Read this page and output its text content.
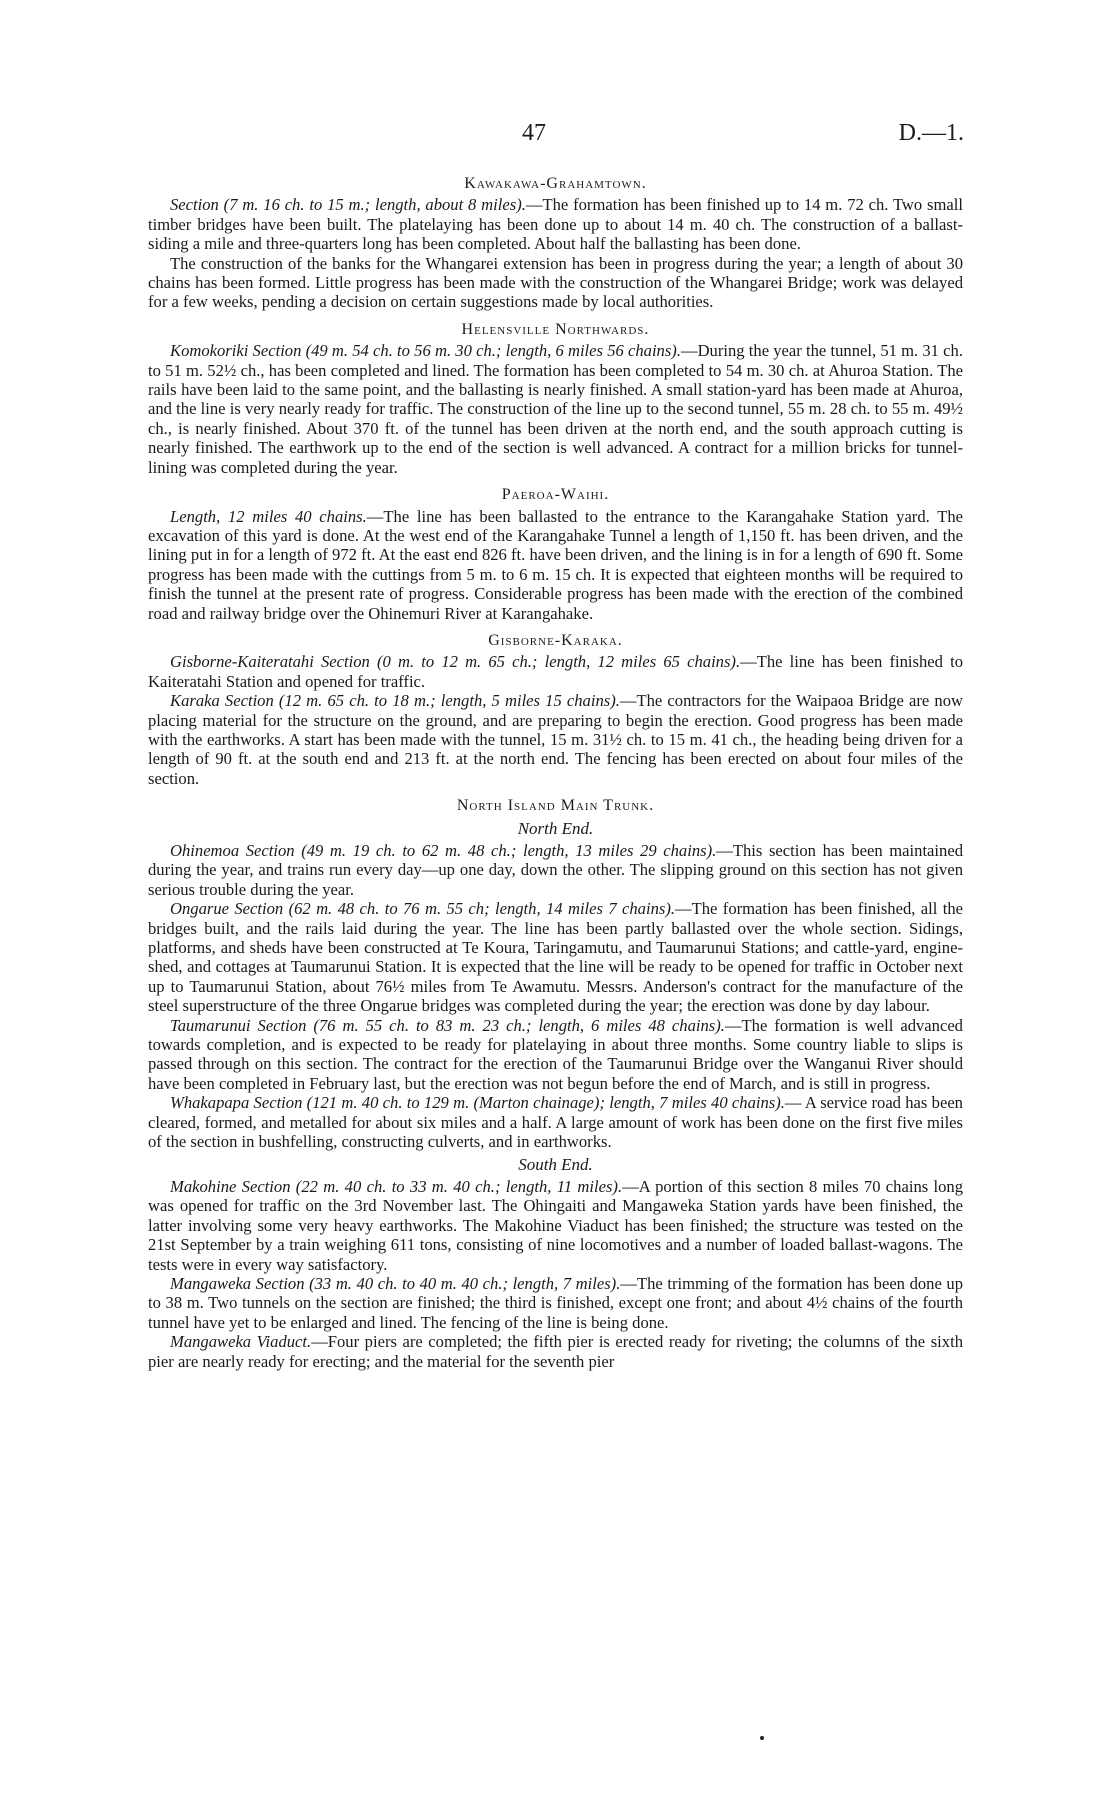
47	D.—1.
Kawakawa-Grahamtown.

Section (7 m. 16 ch. to 15 m.; length, about 8 miles).—The formation has been finished up to 14 m. 72 ch. Two small timber bridges have been built. The platelaying has been done up to about 14 m. 40 ch. The construction of a ballast-siding a mile and three-quarters long has been completed. About half the ballasting has been done.

The construction of the banks for the Whangarei extension has been in progress during the year; a length of about 30 chains has been formed. Little progress has been made with the construction of the Whangarei Bridge; work was delayed for a few weeks, pending a decision on certain suggestions made by local authorities.

Helensville Northwards.

Komokoriki Section (49 m. 54 ch. to 56 m. 30 ch.; length, 6 miles 56 chains).—During the year the tunnel, 51 m. 31 ch. to 51 m. 52½ ch., has been completed and lined. The formation has been completed to 54 m. 30 ch. at Ahuroa Station. The rails have been laid to the same point, and the ballasting is nearly finished. A small station-yard has been made at Ahuroa, and the line is very nearly ready for traffic. The construction of the line up to the second tunnel, 55 m. 28 ch. to 55 m. 49½ ch., is nearly finished. About 370 ft. of the tunnel has been driven at the north end, and the south approach cutting is nearly finished. The earthwork up to the end of the section is well advanced. A contract for a million bricks for tunnel-lining was completed during the year.

Paeroa-Waihi.

Length, 12 miles 40 chains.—The line has been ballasted to the entrance to the Karangahake Station yard. The excavation of this yard is done. At the west end of the Karangahake Tunnel a length of 1,150 ft. has been driven, and the lining put in for a length of 972 ft. At the east end 826 ft. have been driven, and the lining is in for a length of 690 ft. Some progress has been made with the cuttings from 5 m. to 6 m. 15 ch. It is expected that eighteen months will be required to finish the tunnel at the present rate of progress. Considerable progress has been made with the erection of the combined road and railway bridge over the Ohinemuri River at Karangahake.

Gisborne-Karaka.

Gisborne-Kaiteratahi Section (0 m. to 12 m. 65 ch.; length, 12 miles 65 chains).—The line has been finished to Kaiteratahi Station and opened for traffic.

Karaka Section (12 m. 65 ch. to 18 m.; length, 5 miles 15 chains).—The contractors for the Waipaoa Bridge are now placing material for the structure on the ground, and are preparing to begin the erection. Good progress has been made with the earthworks. A start has been made with the tunnel, 15 m. 31½ ch. to 15 m. 41 ch., the heading being driven for a length of 90 ft. at the south end and 213 ft. at the north end. The fencing has been erected on about four miles of the section.

North Island Main Trunk.
North End.

Ohinemoa Section (49 m. 19 ch. to 62 m. 48 ch.; length, 13 miles 29 chains).—This section has been maintained during the year, and trains run every day—up one day, down the other. The slipping ground on this section has not given serious trouble during the year.

Ongarue Section (62 m. 48 ch. to 76 m. 55 ch; length, 14 miles 7 chains).—The formation has been finished, all the bridges built, and the rails laid during the year. The line has been partly ballasted over the whole section. Sidings, platforms, and sheds have been constructed at Te Koura, Taringamutu, and Taumarunui Stations; and cattle-yard, engine-shed, and cottages at Taumarunui Station. It is expected that the line will be ready to be opened for traffic in October next up to Taumarunui Station, about 76½ miles from Te Awamutu. Messrs. Anderson's contract for the manufacture of the steel superstructure of the three Ongarue bridges was completed during the year; the erection was done by day labour.

Taumarunui Section (76 m. 55 ch. to 83 m. 23 ch.; length, 6 miles 48 chains).—The formation is well advanced towards completion, and is expected to be ready for platelaying in about three months. Some country liable to slips is passed through on this section. The contract for the erection of the Taumarunui Bridge over the Wanganui River should have been completed in February last, but the erection was not begun before the end of March, and is still in progress.

Whakapapa Section (121 m. 40 ch. to 129 m. (Marton chainage); length, 7 miles 40 chains).— A service road has been cleared, formed, and metalled for about six miles and a half. A large amount of work has been done on the first five miles of the section in bushfelling, constructing culverts, and in earthworks.

South End.

Makohine Section (22 m. 40 ch. to 33 m. 40 ch.; length, 11 miles).—A portion of this section 8 miles 70 chains long was opened for traffic on the 3rd November last. The Ohingaiti and Mangaweka Station yards have been finished, the latter involving some very heavy earthworks. The Makohine Viaduct has been finished; the structure was tested on the 21st September by a train weighing 611 tons, consisting of nine locomotives and a number of loaded ballast-wagons. The tests were in every way satisfactory.

Mangaweka Section (33 m. 40 ch. to 40 m. 40 ch.; length, 7 miles).—The trimming of the formation has been done up to 38 m. Two tunnels on the section are finished; the third is finished, except one front; and about 4½ chains of the fourth tunnel have yet to be enlarged and lined. The fencing of the line is being done.

Mangaweka Viaduct.—Four piers are completed; the fifth pier is erected ready for riveting; the columns of the sixth pier are nearly ready for erecting; and the material for the seventh pier
